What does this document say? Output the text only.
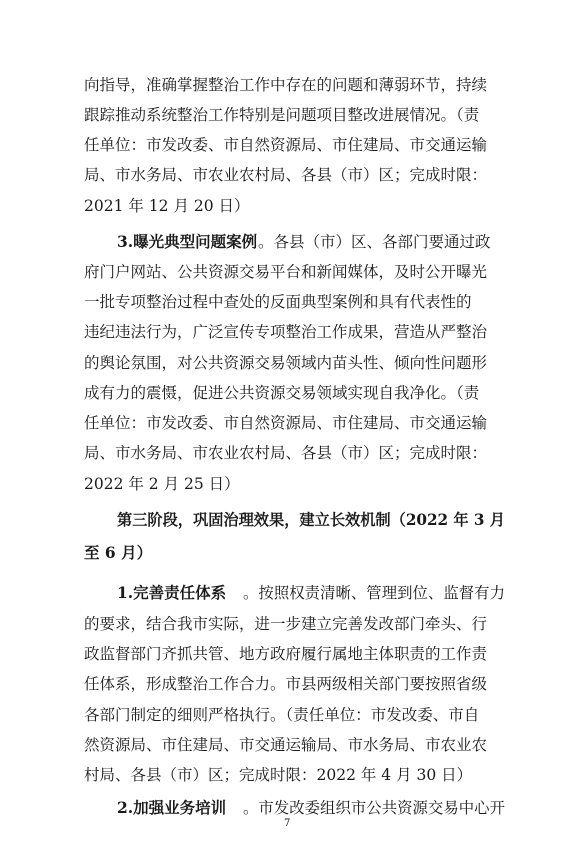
向指导，准确掌握整治工作中存在的问题和薄弱环节，持续
跟踪推动系统整治工作特别是问题项目整改进展情况。（责
任单位：市发改委、市自然资源局、市住建局、市交通运输
局、市水务局、市农业农村局、各县（市）区；完成时限：
2021 年 12 月 20 日）
3.曝光典型问题案例 。各县（市）区、各部门要通过政
府门户网站、公共资源交易平台和新闻媒体，及时公开曝光
一批专项整治过程中查处的反面典型案例和具有代表性的
违纪违法行为，广泛宣传专项整治工作成果，营造从严整治
的舆论氛围，对公共资源交易领域内苗头性、倾向性问题形
成有力的震慑，促进公共资源交易领域实现自我净化。（责
任单位：市发改委、市自然资源局、市住建局、市交通运输
局、市水务局、市农业农村局、各县（市）区；完成时限：
2022 年 2 月 25 日）
第三阶段，巩固治理效果，建立长效机制（2022 年 3 月
至 6 月）
1.完善责任体系 。按照权责清晰、管理到位、监督有力
的要求，结合我市实际，进一步建立完善发改部门牵头、行
政监督部门齐抓共管、地方政府履行属地主体职责的工作责
任体系，形成整治工作合力。市县两级相关部门要按照省级
各部门制定的细则严格执行。（责任单位：市发改委、市自
然资源局、市住建局、市交通运输局、市水务局、市农业农
村局、各县（市）区；完成时限：2022 年 4 月 30 日）
2.加强业务培训 。市发改委组织市公共资源交易中心开
7
